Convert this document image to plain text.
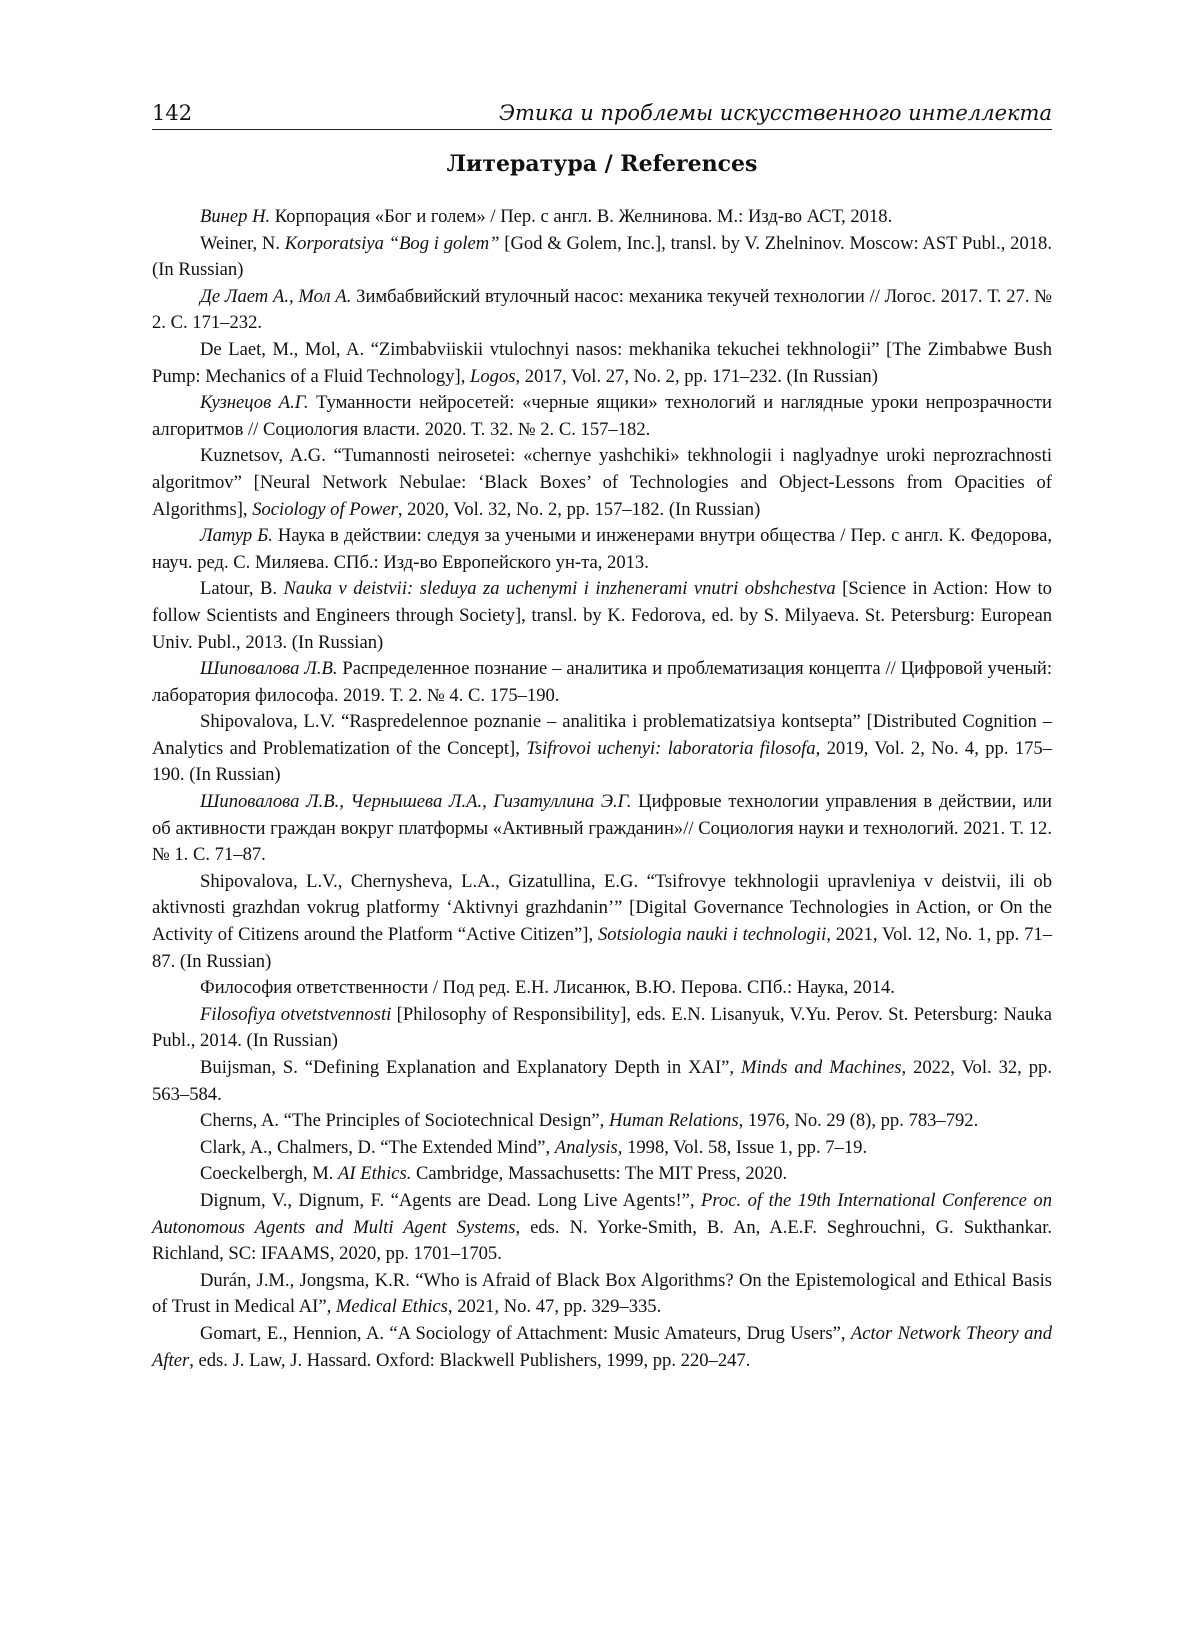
142	Этика и проблемы искусственного интеллекта
Литература / References

Винер Н. Корпорация «Бог и голем» / Пер. с англ. В. Желнинова. М.: Изд-во АСТ, 2018.

Weiner, N. Korporatsiya “Bog i golem” [God & Golem, Inc.], transl. by V. Zhelninov. Moscow: AST Publ., 2018. (In Russian)

Де Лает А., Мол А. Зимбабвийский втулочный насос: механика текучей технологии // Логос. 2017. Т. 27. № 2. С. 171–232.

De Laet, M., Mol, A. “Zimbabviiskii vtulochnyi nasos: mekhanika tekuchei tekhnologii” [The Zimbabwe Bush Pump: Mechanics of a Fluid Technology], Logos, 2017, Vol. 27, No. 2, pp. 171–232. (In Russian)

Кузнецов А.Г. Туманности нейросетей: «черные ящики» технологий и наглядные уроки непрозрачности алгоритмов // Социология власти. 2020. Т. 32. № 2. С. 157–182.

Kuznetsov, A.G. “Tumannosti neirosetei: «chernye yashchiki» tekhnologii i naglyadnye uroki neprozrachnosti algoritmov” [Neural Network Nebulae: ‘Black Boxes’ of Technologies and Object-Lessons from Opacities of Algorithms], Sociology of Power, 2020, Vol. 32, No. 2, pp. 157–182. (In Russian)

Латур Б. Наука в действии: следуя за учеными и инженерами внутри общества / Пер. с англ. К. Федорова, науч. ред. С. Миляева. СПб.: Изд-во Европейского ун-та, 2013.

Latour, B. Nauka v deistvii: sleduya za uchenymi i inzhenerami vnutri obshchestva [Science in Action: How to follow Scientists and Engineers through Society], transl. by K. Fedorova, ed. by S. Milyaeva. St. Petersburg: European Univ. Publ., 2013. (In Russian)

Шиповалова Л.В. Распределенное познание – аналитика и проблематизация концепта // Цифровой ученый: лаборатория философа. 2019. Т. 2. № 4. С. 175–190.

Shipovalova, L.V. “Raspredelennoe poznanie – analitika i problematizatsiya kontsepta” [Distributed Cognition – Analytics and Problematization of the Concept], Tsifrovoi uchenyi: laboratoria filosofa, 2019, Vol. 2, No. 4, pp. 175–190. (In Russian)

Шиповалова Л.В., Чернышева Л.А., Гизатуллина Э.Г. Цифровые технологии управления в действии, или об активности граждан вокруг платформы «Активный гражданин»// Социология науки и технологий. 2021. Т. 12. № 1. С. 71–87.

Shipovalova, L.V., Chernysheva, L.A., Gizatullina, E.G. “Tsifrovye tekhnologii upravleniya v deistvii, ili ob aktivnosti grazhdan vokrug platformy ‘Aktivnyi grazhdanin’” [Digital Governance Technologies in Action, or On the Activity of Citizens around the Platform “Active Citizen”], Sotsiologia nauki i technologii, 2021, Vol. 12, No. 1, pp. 71–87. (In Russian)

Философия ответственности / Под ред. Е.Н. Лисанюк, В.Ю. Перова. СПб.: Наука, 2014.

Filosofiya otvetstvennosti [Philosophy of Responsibility], eds. E.N. Lisanyuk, V.Yu. Perov. St. Petersburg: Nauka Publ., 2014. (In Russian)

Buijsman, S. “Defining Explanation and Explanatory Depth in XAI”, Minds and Machines, 2022, Vol. 32, pp. 563–584.

Cherns, A. “The Principles of Sociotechnical Design”, Human Relations, 1976, No. 29 (8), pp. 783–792.

Clark, A., Chalmers, D. “The Extended Mind”, Analysis, 1998, Vol. 58, Issue 1, pp. 7–19.

Coeckelbergh, M. AI Ethics. Cambridge, Massachusetts: The MIT Press, 2020.

Dignum, V., Dignum, F. “Agents are Dead. Long Live Agents!”, Proc. of the 19th International Conference on Autonomous Agents and Multi Agent Systems, eds. N. Yorke-Smith, B. An, A.E.F. Seghrouchni, G. Sukthankar. Richland, SC: IFAAMS, 2020, pp. 1701–1705.

Durán, J.M., Jongsma, K.R. “Who is Afraid of Black Box Algorithms? On the Epistemological and Ethical Basis of Trust in Medical AI”, Medical Ethics, 2021, No. 47, pp. 329–335.

Gomart, E., Hennion, A. “A Sociology of Attachment: Music Amateurs, Drug Users”, Actor Network Theory and After, eds. J. Law, J. Hassard. Oxford: Blackwell Publishers, 1999, pp. 220–247.
